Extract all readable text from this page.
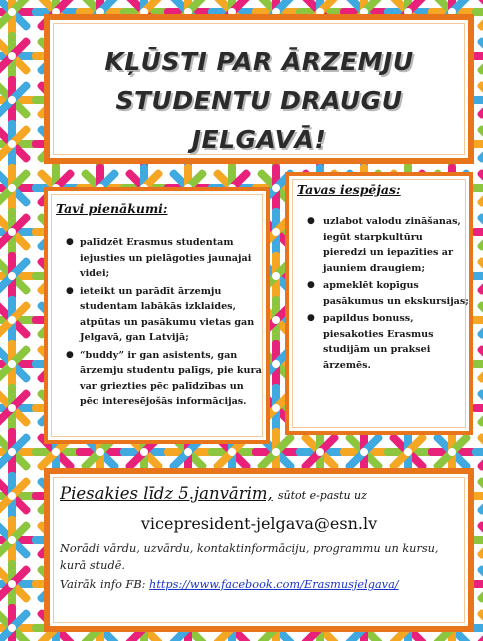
KĻŪSTI PAR ĀRZEMJU
STUDENTU DRAUGU
JELGAVĀ!
Tavi pienākumi:
● palīdzēt Erasmus studentam iejusties un pielāgoties jaunajai videi;
● ieteikt un parādīt ārzemju studentam labākās izklaides, atpūtas un pasākumu vietas gan Jelgavā, gan Latvijā;
● “buddy” ir gan asistents, gan ārzemju studentu palīgs, pie kura var griezties pēc palīdzības un pēc interesējošās informācijas.
Tavas iespējas:
● uzlabot valodu zināšanas, iegūt starpkultūru pieredzi un iepazīties ar jauniem draugiem;
● apmeklēt kopīgus pasākumus un ekskursijas;
● papildus bonuss, piesakoties Erasmus studijām un praksei ārzemēs.
Piesakies līdz 5.janvārim, sūtot e-pastu uz
vicepresident-jelgava@esn.lv
Norādi vārdu, uzvārdu, kontaktinformāciju, programmu un kursu, kurā studē.
Vairāk info FB: https://www.facebook.com/Erasmusjelgava/
